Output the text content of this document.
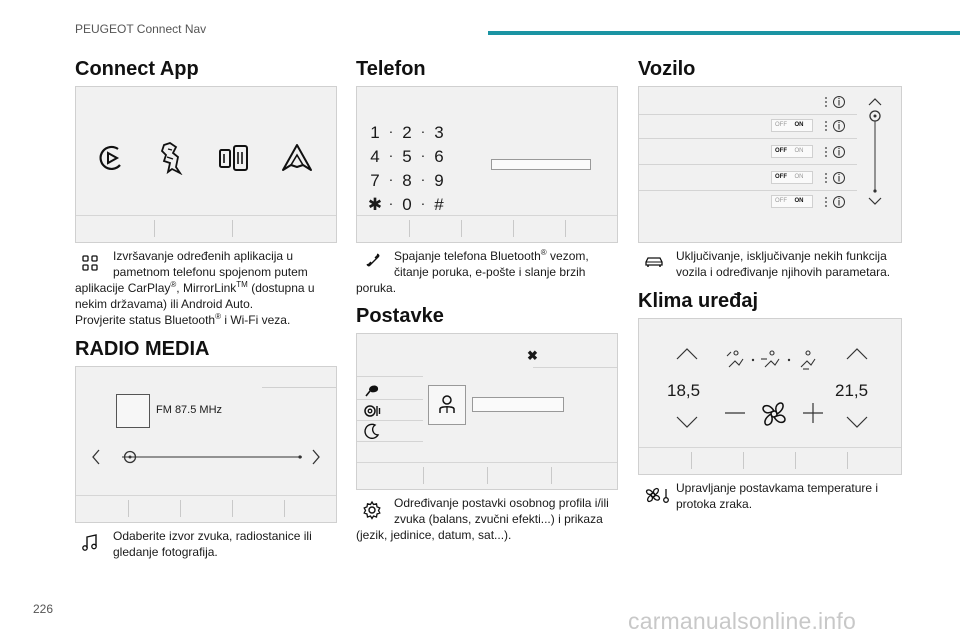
PEUGEOT Connect Nav
Connect App

Izvršavanje određenih aplikacija u

pametnom telefonu spojenom putem

aplikacije CarPlay®, MirrorLink™ (dostupna u

nekim državama) ili Android Auto.

Provjerite status Bluetooth® i Wi-Fi veza.

RADIO MEDIA
FM 87.5 MHz

Odaberite izvor zvuka, radiostanice ili

gledanje fotografija.

Telefon
1 · 2 · 3
4 · 5 · 6
7 · 8 · 9
✱ · 0 · #

Spajanje telefona Bluetooth® vezom,

čitanje poruka, e-pošte i slanje brzih

poruka.

Postavke
✖

Određivanje postavki osobnog profila i/ili

zvuka (balans, zvučni efekti...) i prikaza

(jezik, jedinice, datum, sat...).

Vozilo
OFF ON
OFF ON
OFF ON
OFF ON

Uključivanje, isključivanje nekih funkcija

vozila i određivanje njihovih parametara.

Klima uređaj
18,5	21,5

Upravljanje postavkama temperature i

protoka zraka.

226	carmanualsonline.info
